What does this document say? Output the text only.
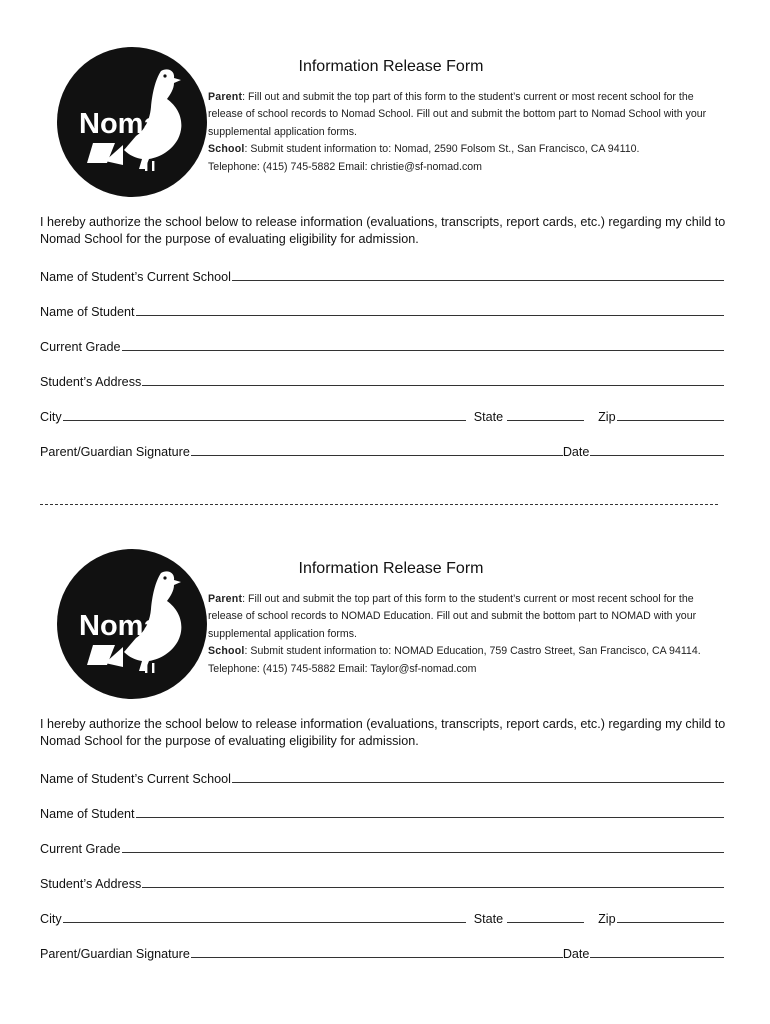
Nomad
Information Release Form
Parent: Fill out and submit the top part of this form to the student’s current or most recent school for the release of school records to Nomad School. Fill out and submit the bottom part to Nomad School with your supplemental application forms.
School: Submit student information to: Nomad, 2590 Folsom St., San Francisco, CA 94110.
Telephone: (415) 745-5882 Email: christie@sf-nomad.com
I hereby authorize the school below to release information (evaluations, transcripts, report cards, etc.) regarding my child to Nomad School for the purpose of evaluating eligibility for admission.
Name of Student’s Current School
Name of Student
Current Grade
Student’s Address
City	State	Zip
Parent/Guardian Signature	Date
Nomad
Information Release Form
Parent: Fill out and submit the top part of this form to the student’s current or most recent school for the release of school records to NOMAD Education. Fill out and submit the bottom part to NOMAD with your supplemental application forms.
School: Submit student information to: NOMAD Education, 759 Castro Street, San Francisco, CA 94114.
Telephone: (415) 745-5882 Email: Taylor@sf-nomad.com
I hereby authorize the school below to release information (evaluations, transcripts, report cards, etc.) regarding my child to Nomad School for the purpose of evaluating eligibility for admission.
Name of Student’s Current School
Name of Student
Current Grade
Student’s Address
City	State	Zip
Parent/Guardian Signature	Date
